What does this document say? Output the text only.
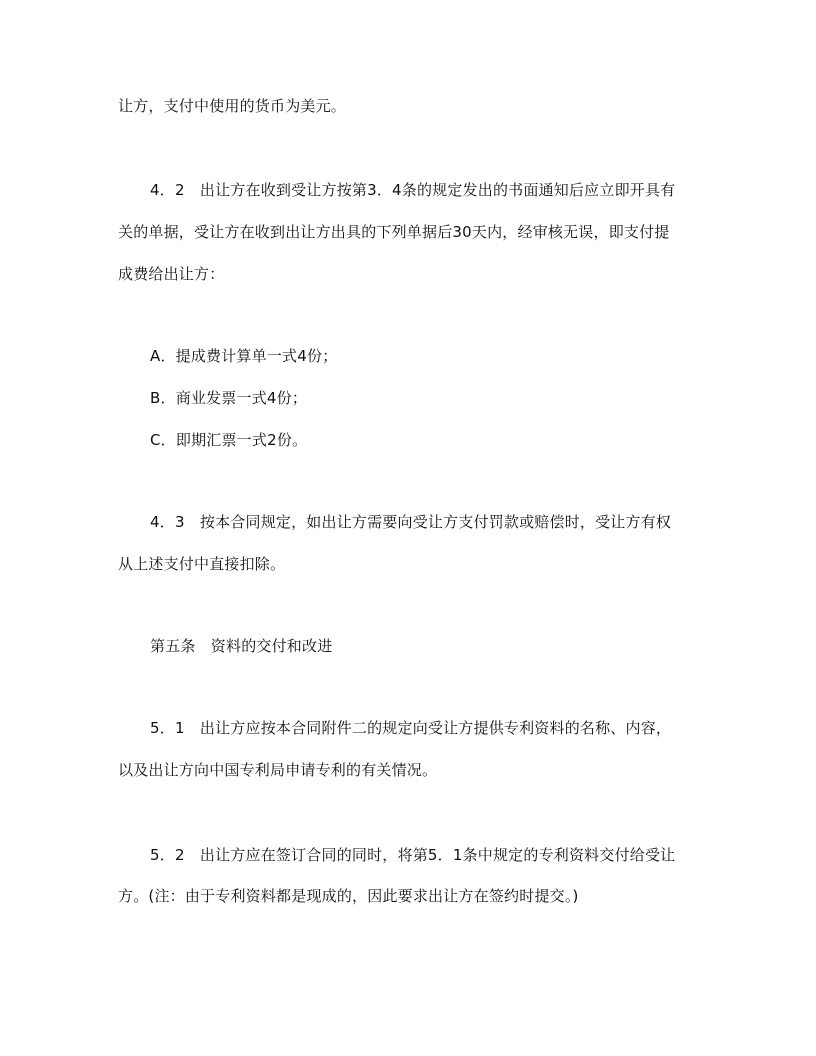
让方，支付中使用的货币为美元。
4．2　出让方在收到受让方按第3．4条的规定发出的书面通知后应立即开具有
关的单据，受让方在收到出让方出具的下列单据后30天内，经审核无误，即支付提
成费给出让方：
A．提成费计算单一式4份；
B．商业发票一式4份；
C．即期汇票一式2份。
4．3　按本合同规定，如出让方需要向受让方支付罚款或赔偿时，受让方有权
从上述支付中直接扣除。
第五条　资料的交付和改进
5．1　出让方应按本合同附件二的规定向受让方提供专利资料的名称、内容，
以及出让方向中国专利局申请专利的有关情况。
5．2　出让方应在签订合同的同时，将第5．1条中规定的专利资料交付给受让
方。(注：由于专利资料都是现成的，因此要求出让方在签约时提交。)
